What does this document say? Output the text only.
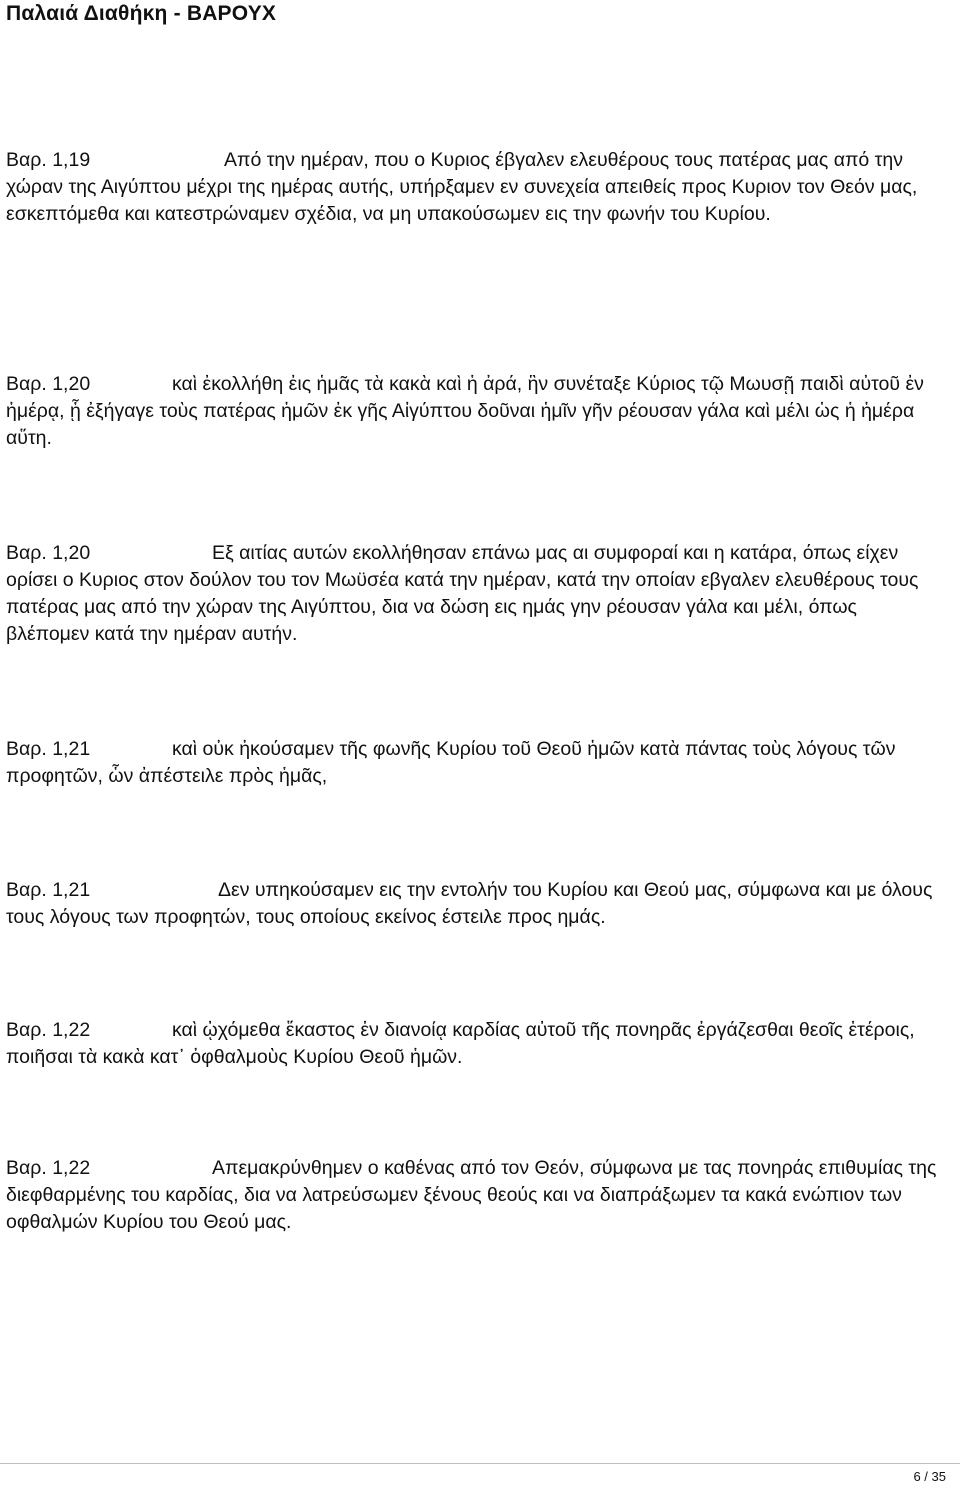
Παλαιά Διαθήκη - ΒΑΡΟΥΧ

Βαρ. 1,19	Από την ημέραν, που ο Κυριος έβγαλεν ελευθέρους τους πατέρας μας από την χώραν της Αιγύπτου μέχρι της ημέρας αυτής, υπήρξαμεν εν συνεχεία απειθείς προς Κυριον τον Θεόν μας, εσκεπτόμεθα και κατεστρώναμεν σχέδια, να μη υπακούσωμεν εις την φωνήν του Κυρίου.

Βαρ. 1,20	καὶ ἐκολλήθη ἐις ἡμᾶς τὰ κακὰ καὶ ἡ ἀρά, ἣν συνέταξε Κύριος τῷ Μωυσῇ παιδὶ αὐτοῦ ἐν ἡμέρᾳ, ᾗ ἐξήγαγε τοὺς πατέρας ἡμῶν ἐκ γῆς Αἰγύπτου δοῦναι ἡμῖν γῆν ρέουσαν γάλα καὶ μέλι ὡς ἡ ἡμέρα αὕτη.

Βαρ. 1,20	Εξ αιτίας αυτών εκολλήθησαν επάνω μας αι συμφοραί και η κατάρα, όπως είχεν ορίσει ο Κυριος στον δούλον του τον Μωϋσέα κατά την ημέραν, κατά την οποίαν εβγαλεν ελευθέρους τους πατέρας μας από την χώραν της Αιγύπτου, δια να δώση εις ημάς γην ρέουσαν γάλα και μέλι, όπως βλέπομεν κατά την ημέραν αυτήν.

Βαρ. 1,21	καὶ οὐκ ἠκούσαμεν τῆς φωνῆς Κυρίου τοῦ Θεοῦ ἡμῶν κατὰ πάντας τοὺς λόγους τῶν προφητῶν, ὧν ἀπέστειλε πρὸς ἡμᾶς,

Βαρ. 1,21	Δεν υπηκούσαμεν εις την εντολήν του Κυρίου και Θεού μας, σύμφωνα και με όλους τους λόγους των προφητών, τους οποίους εκείνος έστειλε προς ημάς.

Βαρ. 1,22	καὶ ᾠχόμεθα ἕκαστος ἐν διανοίᾳ καρδίας αὐτοῦ τῆς πονηρᾶς ἐργάζεσθαι θεοῖς ἑτέροις, ποιῆσαι τὰ κακὰ κατ᾿ ὀφθαλμοὺς Κυρίου Θεοῦ ἡμῶν.

Βαρ. 1,22	Απεμακρύνθημεν ο καθένας από τον Θεόν, σύμφωνα με τας πονηράς επιθυμίας της διεφθαρμένης του καρδίας, δια να λατρεύσωμεν ξένους θεούς και να διαπράξωμεν τα κακά ενώπιον των οφθαλμών Κυρίου του Θεού μας.

6 / 35
